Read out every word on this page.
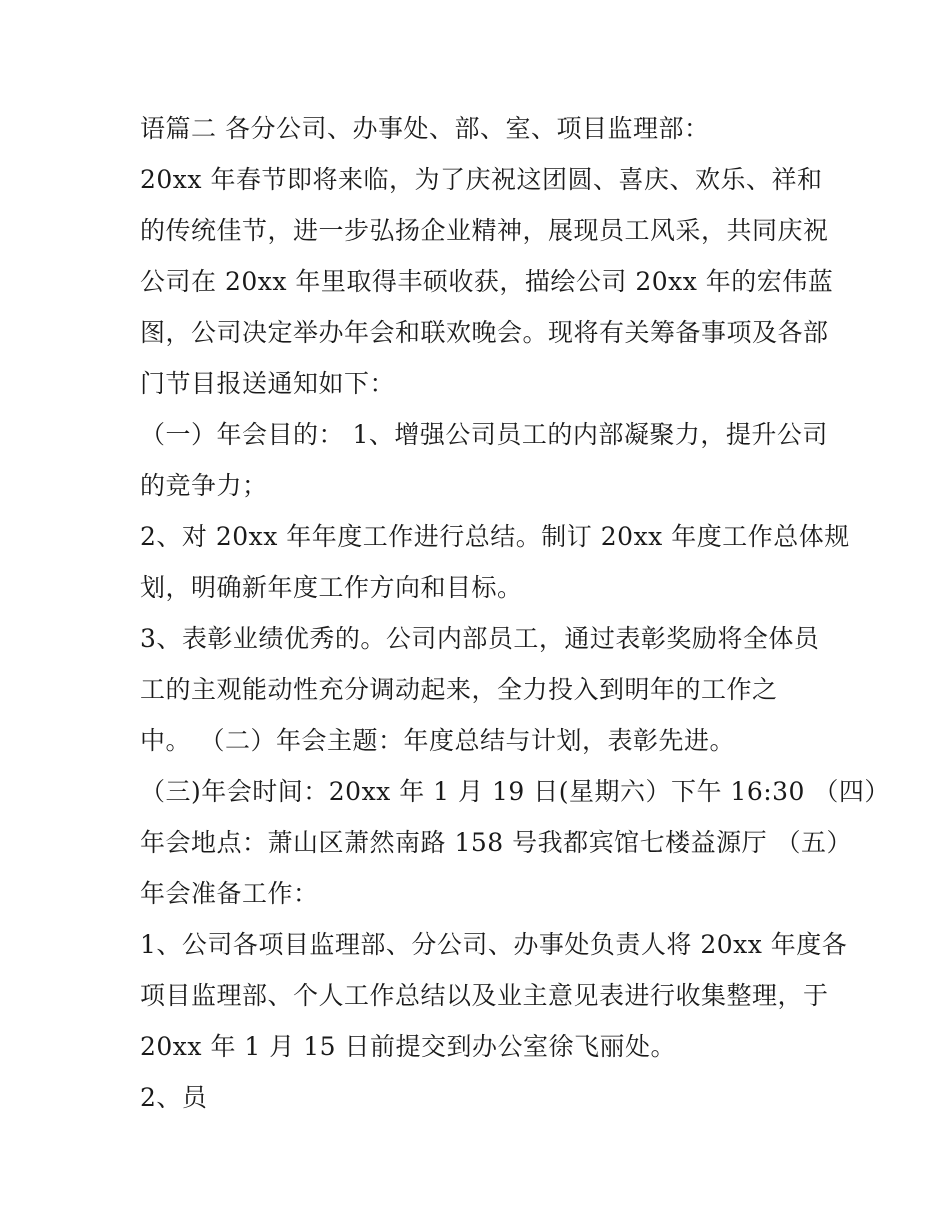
语篇二 各分公司、办事处、部、室、项目监理部：
20xx 年春节即将来临，为了庆祝这团圆、喜庆、欢乐、祥和
的传统佳节，进一步弘扬企业精神，展现员工风采，共同庆祝
公司在 20xx 年里取得丰硕收获，描绘公司 20xx 年的宏伟蓝
图，公司决定举办年会和联欢晚会。现将有关筹备事项及各部
门节目报送通知如下：
（一）年会目的： 1、增强公司员工的内部凝聚力，提升公司
的竞争力；
2、对 20xx 年年度工作进行总结。制订 20xx 年度工作总体规
划，明确新年度工作方向和目标。
3、表彰业绩优秀的。公司内部员工，通过表彰奖励将全体员
工的主观能动性充分调动起来，全力投入到明年的工作之
中。 （二）年会主题：年度总结与计划，表彰先进。
（三)年会时间：20xx 年 1 月 19 日(星期六）下午 16:30 （四）
年会地点：萧山区萧然南路 158 号我都宾馆七楼益源厅 （五）
年会准备工作：
1、公司各项目监理部、分公司、办事处负责人将 20xx 年度各
项目监理部、个人工作总结以及业主意见表进行收集整理，于
20xx 年 1 月 15 日前提交到办公室徐飞丽处。
2、员
